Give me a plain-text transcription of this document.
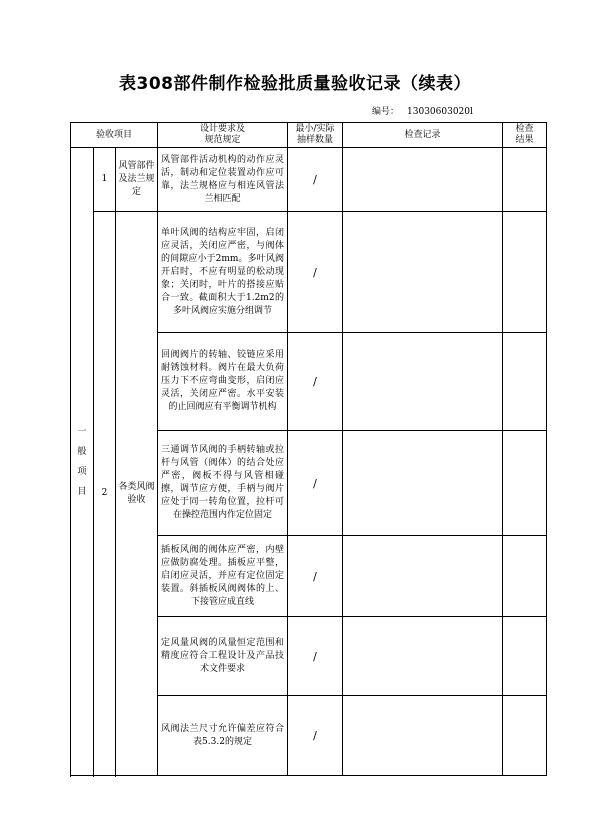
表308部件制作检验批质量验收记录（续表）
编号： 13030603020l
验收项目			设计要求及
规范规定	最小/实际
抽样数量	检查记录	检查
结果
一
般
项
目	1	风管部件
及法兰规
定	风管部件活动机构的动作应灵活，制动和定位装置动作应可靠，法兰规格应与相连风管法兰相匹配	/		
	2	各类风阀
验收	单叶风阀的结构应牢固，启闭应灵活，关闭应严密，与阀体的间隙应小于2mm。多叶风阀开启时，不应有明显的松动现象；关闭时，叶片的搭接应贴合一致。截面积大于1.2m2的多叶风阀应实施分组调节	/		
			回阀阀片的转轴、铰链应采用耐锈蚀材料。阀片在最大负荷压力下不应弯曲变形，启闭应灵活，关闭应严密。水平安装的止回阀应有平衡调节机构	/		
			三通调节风阀的手柄转轴或拉杆与风管（阀体）的结合处应严密，阀板不得与风管相碰擦，调节应方便，手柄与阀片应处于同一转角位置，拉杆可在操控范围内作定位固定	/		
			插板风阀的阀体应严密，内壁应做防腐处理。插板应平整，启闭应灵活，并应有定位固定装置。斜插板风阀阀体的上、下接管应成直线	/		
			定风量风阀的风量恒定范围和精度应符合工程设计及产品技术文件要求	/		
			风阀法兰尺寸允许偏差应符合表5.3.2的规定	/		
